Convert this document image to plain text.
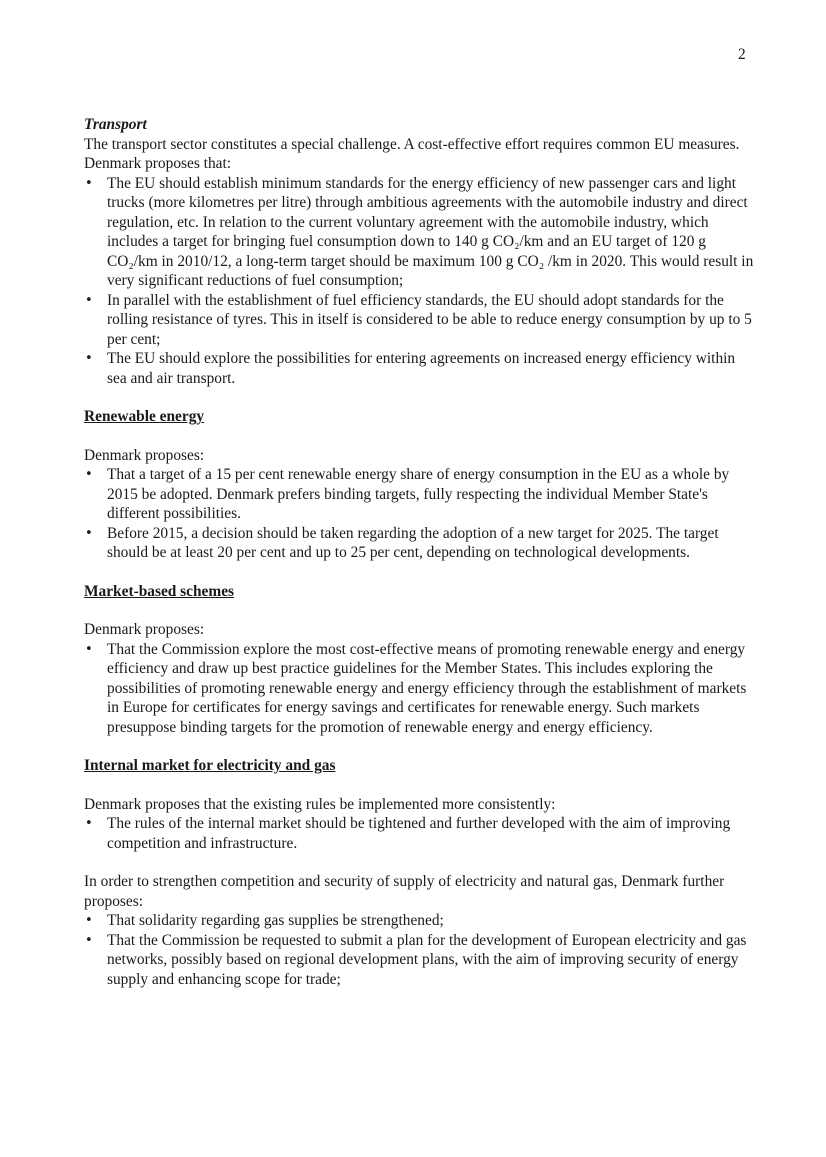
2

Transport

The transport sector constitutes a special challenge. A cost-effective effort requires common EU measures. Denmark proposes that:

• The EU should establish minimum standards for the energy efficiency of new passenger cars and light trucks (more kilometres per litre) through ambitious agreements with the automobile industry and direct regulation, etc. In relation to the current voluntary agreement with the automobile industry, which includes a target for bringing fuel consumption down to 140 g CO₂/km and an EU target of 120 g CO₂/km in 2010/12, a long-term target should be maximum 100 g CO₂ /km in 2020. This would result in very significant reductions of fuel consumption;
• In parallel with the establishment of fuel efficiency standards, the EU should adopt standards for the rolling resistance of tyres. This in itself is considered to be able to reduce energy consumption by up to 5 per cent;
• The EU should explore the possibilities for entering agreements on increased energy efficiency within sea and air transport.

Renewable energy

Denmark proposes:

• That a target of a 15 per cent renewable energy share of energy consumption in the EU as a whole by 2015 be adopted. Denmark prefers binding targets, fully respecting the individual Member State's different possibilities.
• Before 2015, a decision should be taken regarding the adoption of a new target for 2025. The target should be at least 20 per cent and up to 25 per cent, depending on technological developments.

Market-based schemes

Denmark proposes:

• That the Commission explore the most cost-effective means of promoting renewable energy and energy efficiency and draw up best practice guidelines for the Member States. This includes exploring the possibilities of promoting renewable energy and energy efficiency through the establishment of markets in Europe for certificates for energy savings and certificates for renewable energy. Such markets presuppose binding targets for the promotion of renewable energy and energy efficiency.

Internal market for electricity and gas

Denmark proposes that the existing rules be implemented more consistently:

• The rules of the internal market should be tightened and further developed with the aim of improving competition and infrastructure.

In order to strengthen competition and security of supply of electricity and natural gas, Denmark further proposes:

• That solidarity regarding gas supplies be strengthened;
• That the Commission be requested to submit a plan for the development of European electricity and gas networks, possibly based on regional development plans, with the aim of improving security of energy supply and enhancing scope for trade;
